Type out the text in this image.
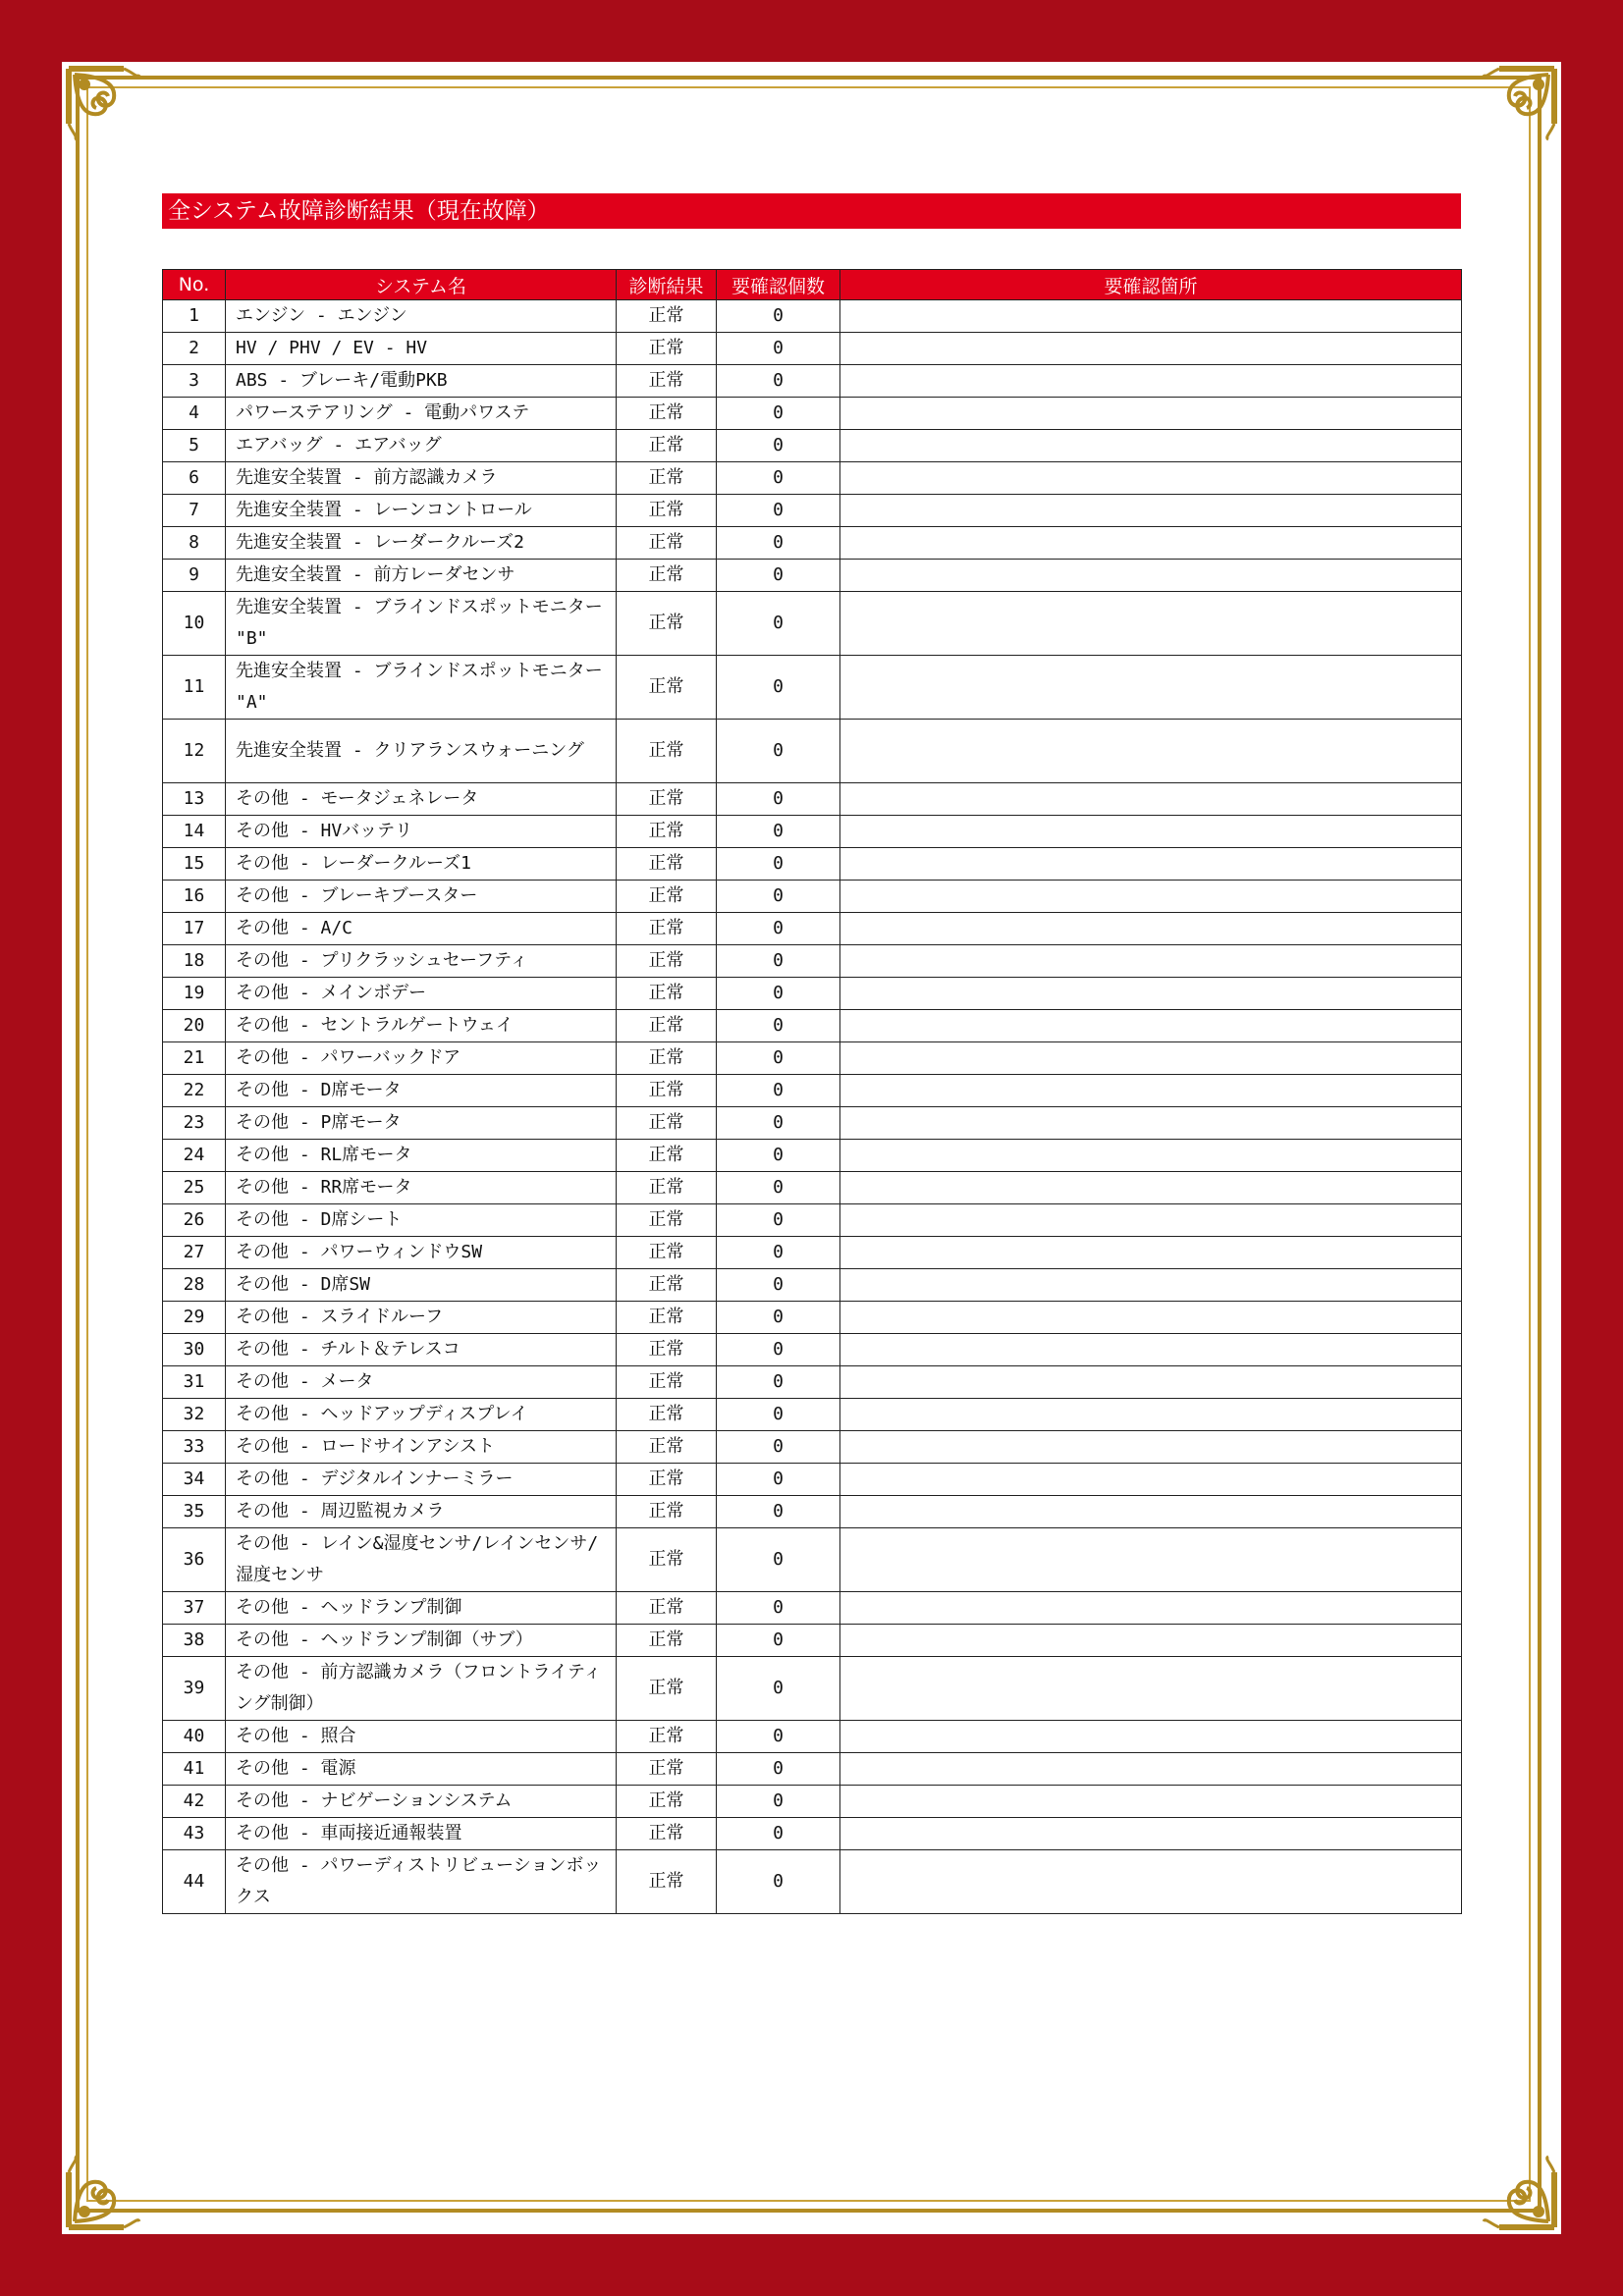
全システム故障診断結果（現在故障）
No.	システム名	診断結果	要確認個数	要確認箇所
1	エンジン - エンジン	正常	0	
2	HV / PHV / EV - HV	正常	0	
3	ABS - ブレーキ/電動PKB	正常	0	
4	パワーステアリング - 電動パワステ	正常	0	
5	エアバッグ - エアバッグ	正常	0	
6	先進安全装置 - 前方認識カメラ	正常	0	
7	先進安全装置 - レーンコントロール	正常	0	
8	先進安全装置 - レーダークルーズ2	正常	0	
9	先進安全装置 - 前方レーダセンサ	正常	0	
10	先進安全装置 - ブラインドスポットモニター "B"	正常	0	
11	先進安全装置 - ブラインドスポットモニター "A"	正常	0	
12	先進安全装置 - クリアランスウォーニング	正常	0	
13	その他 - モータジェネレータ	正常	0	
14	その他 - HVバッテリ	正常	0	
15	その他 - レーダークルーズ1	正常	0	
16	その他 - ブレーキブースター	正常	0	
17	その他 - A/C	正常	0	
18	その他 - プリクラッシュセーフティ	正常	0	
19	その他 - メインボデー	正常	0	
20	その他 - セントラルゲートウェイ	正常	0	
21	その他 - パワーバックドア	正常	0	
22	その他 - D席モータ	正常	0	
23	その他 - P席モータ	正常	0	
24	その他 - RL席モータ	正常	0	
25	その他 - RR席モータ	正常	0	
26	その他 - D席シート	正常	0	
27	その他 - パワーウィンドウSW	正常	0	
28	その他 - D席SW	正常	0	
29	その他 - スライドルーフ	正常	0	
30	その他 - チルト＆テレスコ	正常	0	
31	その他 - メータ	正常	0	
32	その他 - ヘッドアップディスプレイ	正常	0	
33	その他 - ロードサインアシスト	正常	0	
34	その他 - デジタルインナーミラー	正常	0	
35	その他 - 周辺監視カメラ	正常	0	
36	その他 - レイン&湿度センサ/レインセンサ/湿度センサ	正常	0	
37	その他 - ヘッドランプ制御	正常	0	
38	その他 - ヘッドランプ制御（サブ）	正常	0	
39	その他 - 前方認識カメラ（フロントライティング制御）	正常	0	
40	その他 - 照合	正常	0	
41	その他 - 電源	正常	0	
42	その他 - ナビゲーションシステム	正常	0	
43	その他 - 車両接近通報装置	正常	0	
44	その他 - パワーディストリビューションボックス	正常	0	
